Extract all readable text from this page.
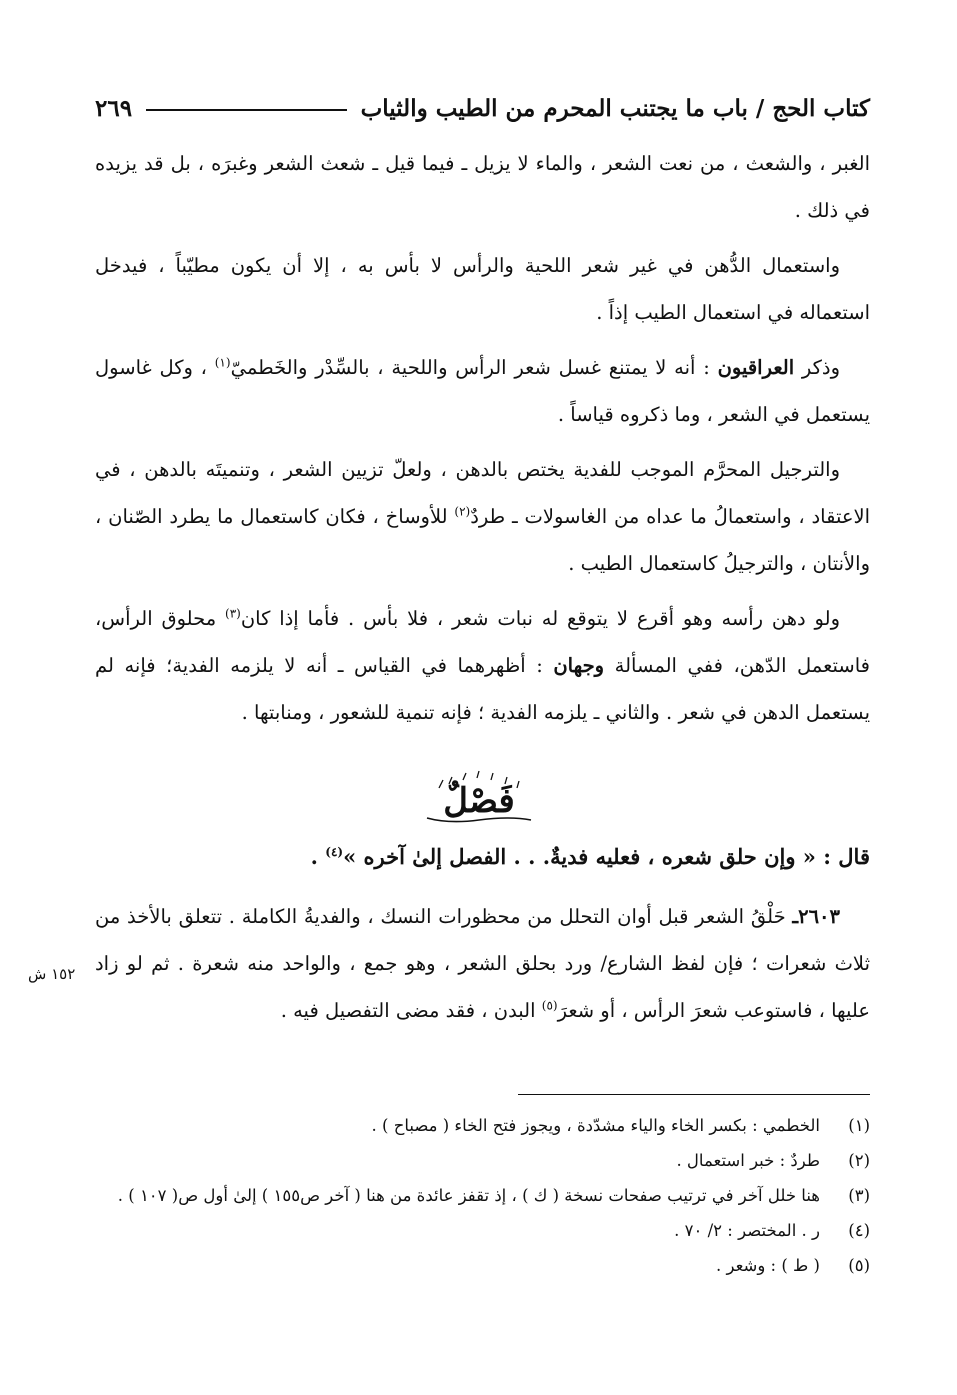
كتاب الحج / باب ما يجتنب المحرم من الطيب والثياب
٢٦٩

الغبر ، والشعث ، من نعت الشعر ، والماء لا يزيل ـ فيما قيل ـ شعث الشعر وغبرَه ، بل قد يزيده في ذلك .

واستعمال الدُّهن في غير شعر اللحية والرأس لا بأس به ، إلا أن يكون مطيّباً ، فيدخل استعماله في استعمال الطيب إذاً .

وذكر العراقيون : أنه لا يمتنع غسل شعر الرأس واللحية ، بالسِّدْر والخَطميّ$^{(١)}$ ، وكل غاسول يستعمل في الشعر ، وما ذكروه قياساً .

والترجيل المحرَّم الموجب للفدية يختص بالدهن ، ولعلّ تزيين الشعر ، وتنميتَه بالدهن ، في الاعتقاد ، واستعمالُ ما عداه من الغاسولات ـ طردٌ$^{(٢)}$ للأوساخ ، فكان كاستعمال ما يطرد الصّنان ، والأنتان ، والترجيلُ كاستعمال الطيب .

ولو دهن رأسه وهو أقرع لا يتوقع له نبات شعر ، فلا بأس . فأما إذا كان$^{(٣)}$ محلوق الرأس، فاستعمل الدّهن، ففي المسألة وجهان : أظهرهما في القياس ـ أنه لا يلزمه الفدية؛ فإنه لم يستعمل الدهن في شعر . والثاني ـ يلزمه الفدية ؛ فإنه تنمية للشعور ، ومنابتها .

فَصْلٌ
قال : « وإن حلق شعره ، فعليه فديةٌ. . . الفصل إلىٰ آخره »$^{(٤)}$ .

٢٦٠٣ـ حَلْقُ الشعر قبل أوان التحلل من محظورات النسك ، والفديةُ الكاملة . تتعلق بالأخذ من ثلاث شعرات ؛ فإن لفظ الشارع/ ورد بحلق الشعر ، وهو جمع ، والواحد منه شعرة . ثم لو زاد عليها ، فاستوعب شعرَ الرأس ، أو شعرَ$^{(٥)}$ البدن ، فقد مضى التفصيل فيه .

١٥٢ ش
(١)
الخطمي : بكسر الخاء والياء مشدّدة ، ويجوز فتح الخاء ( مصباح ) .
(٢)
طردٌ : خبر استعمال .
(٣)
هنا خلل آخر في ترتيب صفحات نسخة ( ك ) ، إذ تقفز عائدة من هنا ( آخر ص١٥٥ ) إلىٰ أول ص( ١٠٧ ) .
(٤)
ر . المختصر : ٢/ ٧٠ .
(٥)
( ط ) : وشعر .
